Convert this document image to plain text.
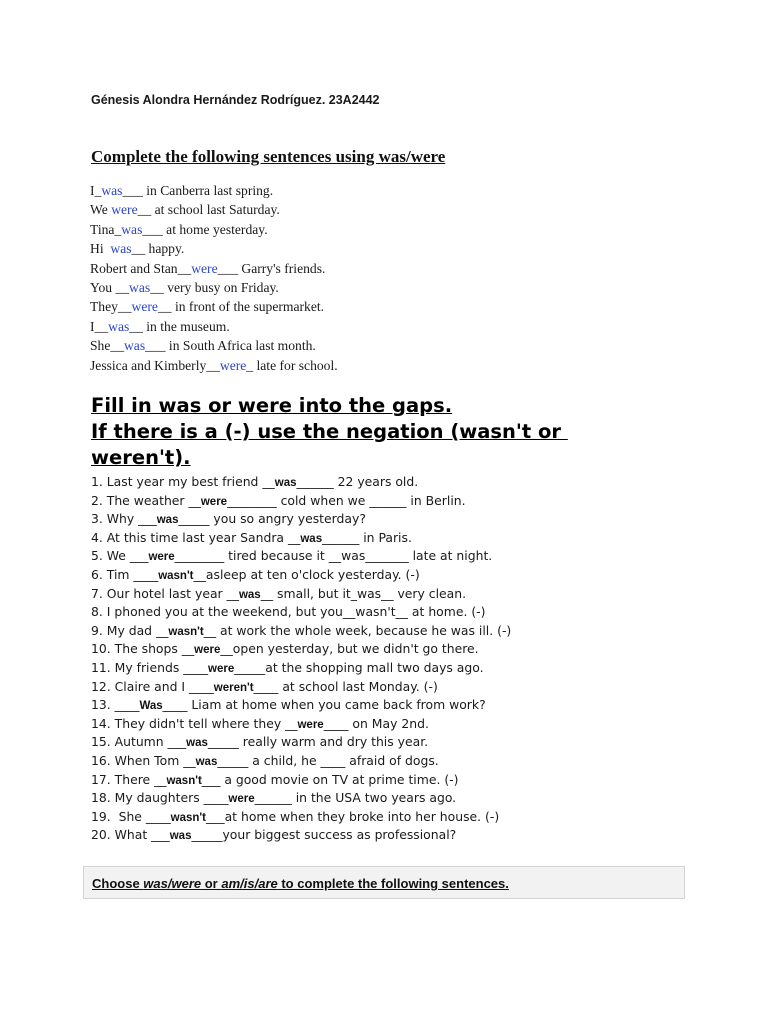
Génesis Alondra Hernández Rodríguez. 23A2442
Complete the following sentences using was/were
I_was___ in Canberra last spring.
We were__ at school last Saturday.
Tina_was___ at home yesterday.
Hi  was__ happy.
Robert and Stan__were___ Garry's friends.
You __was__ very busy on Friday.
They__were__ in front of the supermarket.
I__was__ in the museum.
She__was___ in South Africa last month.
Jessica and Kimberly__were_ late for school.
Fill in was or were into the gaps.
If there is a (-) use the negation (wasn't or
weren't).
1. Last year my best friend __was______ 22 years old.
2. The weather __were________ cold when we ______ in Berlin.
3. Why ___was_____ you so angry yesterday?
4. At this time last year Sandra __was______ in Paris.
5. We ___were________ tired because it __was_______ late at night.
6. Tim ____wasn't__asleep at ten o'clock yesterday. (-)
7. Our hotel last year __was__ small, but it_was__ very clean.
8. I phoned you at the weekend, but you__wasn't__ at home. (-)
9. My dad __wasn't__ at work the whole week, because he was ill. (-)
10. The shops __were__open yesterday, but we didn't go there.
11. My friends ____were_____at the shopping mall two days ago.
12. Claire and I ____weren't____ at school last Monday. (-)
13. ____Was____ Liam at home when you came back from work?
14. They didn't tell where they __were____ on May 2nd.
15. Autumn ___was_____ really warm and dry this year.
16. When Tom __was_____ a child, he ____ afraid of dogs.
17. There __wasn't___ a good movie on TV at prime time. (-)
18. My daughters ____were______ in the USA two years ago.
19.  She ____wasn't___at home when they broke into her house. (-)
20. What ___was_____your biggest success as professional?
Choose was/were or am/is/are to complete the following sentences.
